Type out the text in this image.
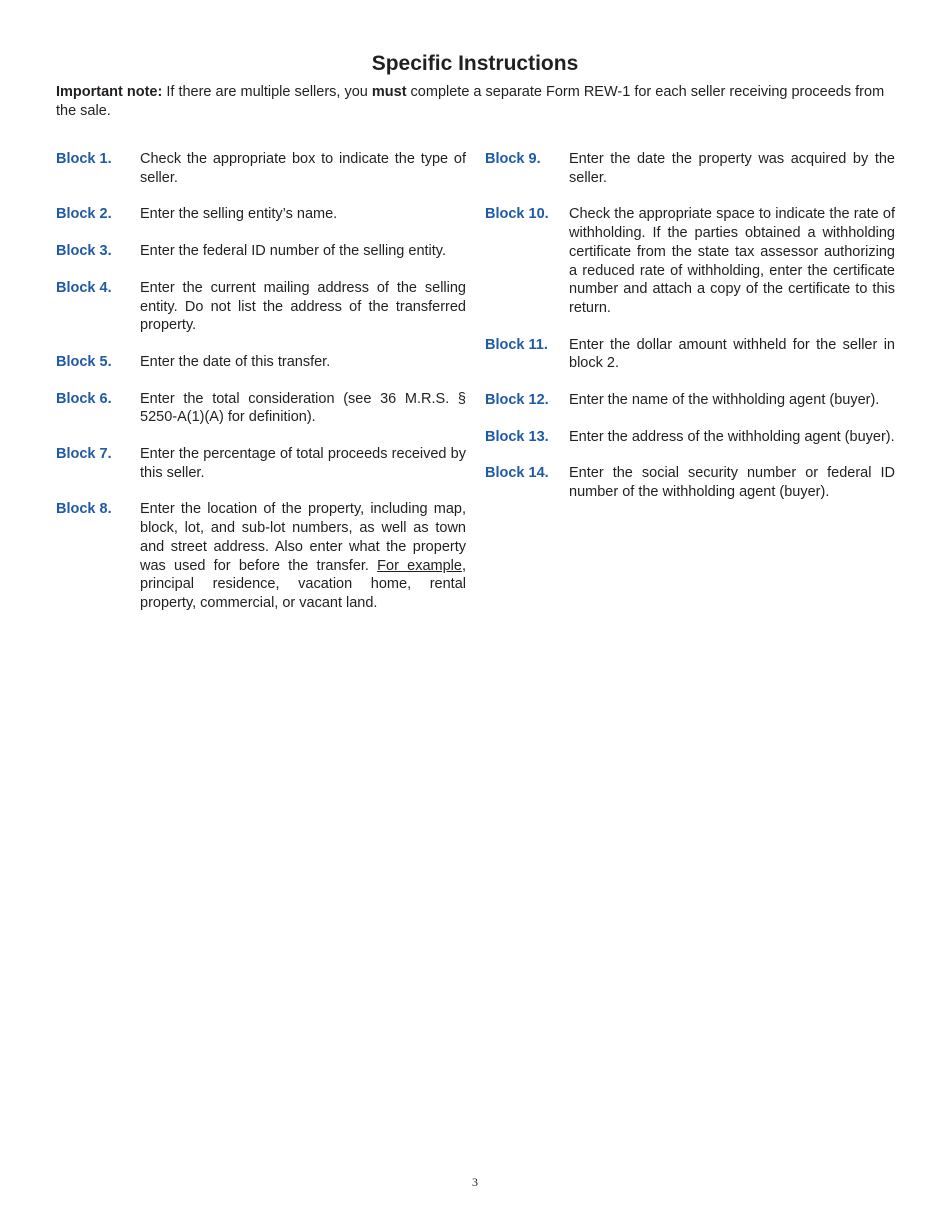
Specific Instructions
Important note: If there are multiple sellers, you must complete a separate Form REW-1 for each seller receiving proceeds from the sale.
Block 1.	Check the appropriate box to indicate the type of seller.
Block 2.	Enter the selling entity’s name.
Block 3.	Enter the federal ID number of the selling entity.
Block 4.	Enter the current mailing address of the selling entity. Do not list the address of the transferred property.
Block 5.	Enter the date of this transfer.
Block 6.	Enter the total consideration (see 36 M.R.S. § 5250-A(1)(A) for definition).
Block 7.	Enter the percentage of total proceeds received by this seller.
Block 8.	Enter the location of the property, including map, block, lot, and sub-lot numbers, as well as town and street address. Also enter what the property was used for before the transfer. For example, principal residence, vacation home, rental property, commercial, or vacant land.
Block 9.	Enter the date the property was acquired by the seller.
Block 10.	Check the appropriate space to indicate the rate of withholding. If the parties obtained a withholding certificate from the state tax assessor authorizing a reduced rate of withholding, enter the certificate number and attach a copy of the certificate to this return.
Block 11.	Enter the dollar amount withheld for the seller in block 2.
Block 12.	Enter the name of the withholding agent (buyer).
Block 13.	Enter the address of the withholding agent (buyer).
Block 14.	Enter the social security number or federal ID number of the withholding agent (buyer).
3
